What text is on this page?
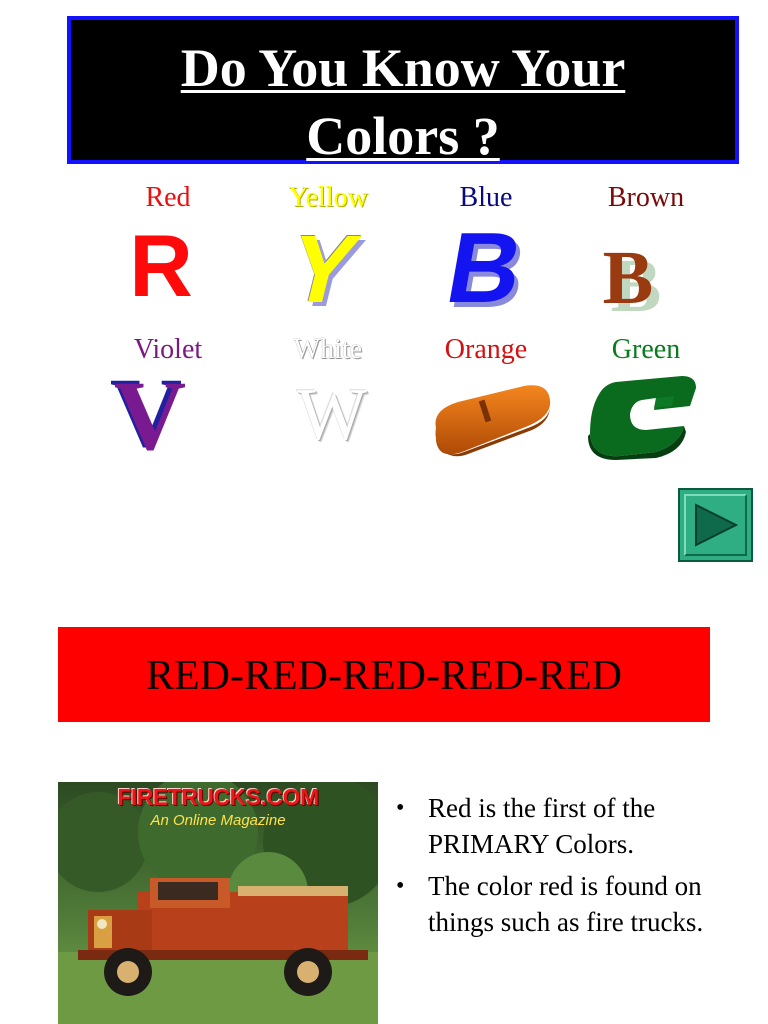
Do You Know Your
Colors ?
Red	Yellow	Blue	Brown
R Y B B
Violet	White	Orange	Green
V W
RED-RED-RED-RED-RED
FIRETRUCKS.COM
An Online Magazine
•	Red is the first of the PRIMARY Colors.
• The color red is found on things such as fire trucks.
